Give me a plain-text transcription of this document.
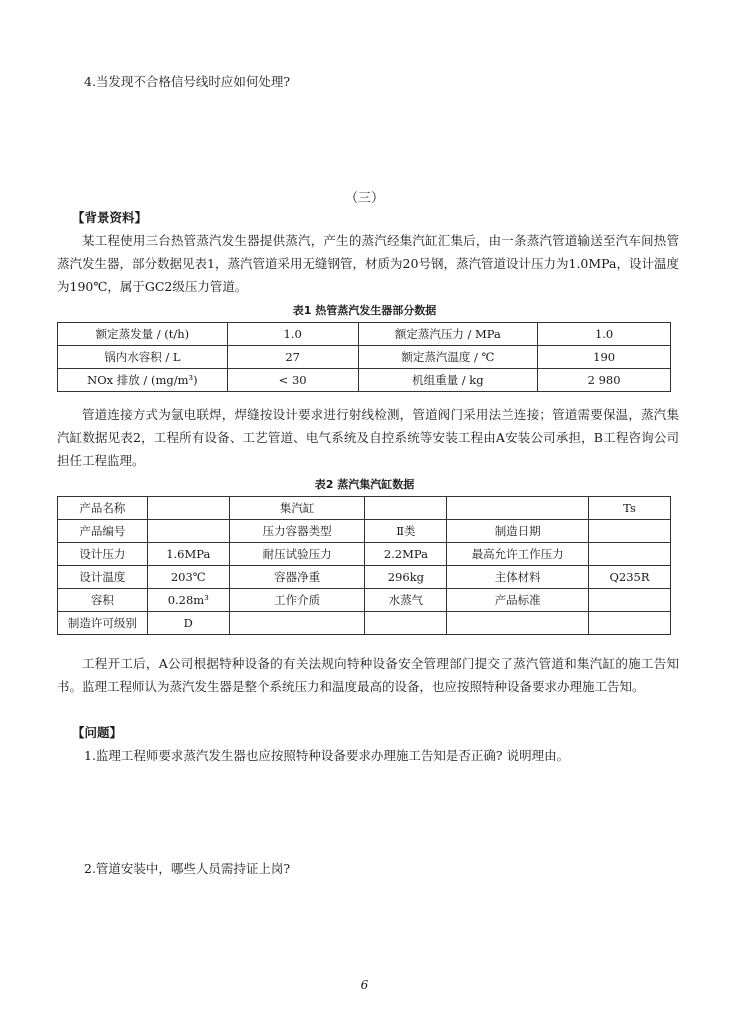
4.当发现不合格信号线时应如何处理?
（三）
【背景资料】
某工程使用三台热管蒸汽发生器提供蒸汽，产生的蒸汽经集汽缸汇集后，由一条蒸汽管道输送至汽车间热管蒸汽发生器，部分数据见表1，蒸汽管道采用无缝钢管，材质为20号钢，蒸汽管道设计压力为1.0MPa，设计温度为190℃，属于GC2级压力管道。
表1 热管蒸汽发生器部分数据
额定蒸发量 / (t/h)	1.0	额定蒸汽压力 / MPa	1.0
锅内水容积 / L	27	额定蒸汽温度 / ℃	190
NOx 排放 / (mg/m³)	< 30	机组重量 / kg	2 980
管道连接方式为氩电联焊，焊缝按设计要求进行射线检测，管道阀门采用法兰连接；管道需要保温，蒸汽集汽缸数据见表2，工程所有设备、工艺管道、电气系统及自控系统等安装工程由A安装公司承担，B工程咨询公司担任工程监理。
表2 蒸汽集汽缸数据
产品名称		集汽缸			Ts
产品编号		压力容器类型	Ⅱ类	制造日期	
设计压力	1.6MPa	耐压试验压力	2.2MPa	最高允许工作压力	
设计温度	203℃	容器净重	296kg	主体材料	Q235R
容积	0.28m³	工作介质	水蒸气	产品标准	
制造许可级别	D				
工程开工后，A公司根据特种设备的有关法规向特种设备安全管理部门提交了蒸汽管道和集汽缸的施工告知书。监理工程师认为蒸汽发生器是整个系统压力和温度最高的设备，也应按照特种设备要求办理施工告知。
【问题】
1.监理工程师要求蒸汽发生器也应按照特种设备要求办理施工告知是否正确? 说明理由。
2.管道安装中，哪些人员需持证上岗?
6
